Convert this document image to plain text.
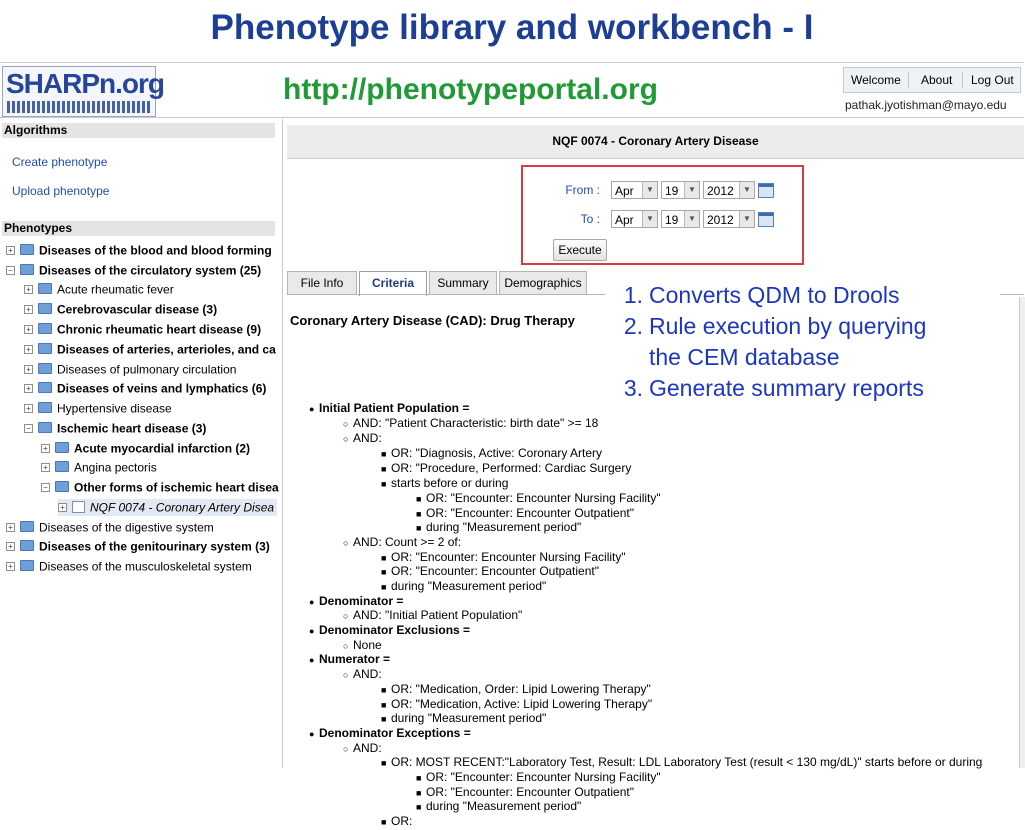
Phenotype library and workbench - I
SHARPn.org	http://phenotypeportal.org	Welcome About Log Out
pathak.jyotishman@mayo.edu
Algorithms
Create phenotype
Upload phenotype
Phenotypes
+ Diseases of the blood and blood forming
− Diseases of the circulatory system (25)
+ Acute rheumatic fever
+ Cerebrovascular disease (3)
+ Chronic rheumatic heart disease (9)
+ Diseases of arteries, arterioles, and ca
+ Diseases of pulmonary circulation
+ Diseases of veins and lymphatics (6)
+ Hypertensive disease
− Ischemic heart disease (3)
+ Acute myocardial infarction (2)
+ Angina pectoris
− Other forms of ischemic heart disea
+ NQF 0074 - Coronary Artery Disea
+ Diseases of the digestive system
+ Diseases of the genitourinary system (3)
+ Diseases of the musculoskeletal system
NQF 0074 - Coronary Artery Disease
From :	Apr	▼ 19	▼ 2012	▼
To :	Apr	▼ 19	▼ 2012	▼
Execute
File Info	Criteria	Summary	Demographics
Coronary Artery Disease (CAD): Drug Therapy
● Initial Patient Population =
○ AND: "Patient Characteristic: birth date" >= 18
○ AND:
■ OR: "Diagnosis, Active: Coronary Artery
■ OR: "Procedure, Performed: Cardiac Surgery
■ starts before or during
■ OR: "Encounter: Encounter Nursing Facility"
■ OR: "Encounter: Encounter Outpatient"
■ during "Measurement period"
○ AND: Count >= 2 of:
■ OR: "Encounter: Encounter Nursing Facility"
■ OR: "Encounter: Encounter Outpatient"
■ during "Measurement period"
● Denominator =
○ AND: "Initial Patient Population"
● Denominator Exclusions =
○ None
● Numerator =
○ AND:
■ OR: "Medication, Order: Lipid Lowering Therapy"
■ OR: "Medication, Active: Lipid Lowering Therapy"
■ during "Measurement period"
● Denominator Exceptions =
○ AND:
■ OR: MOST RECENT:"Laboratory Test, Result: LDL Laboratory Test (result < 130 mg/dL)" starts before or during
■ OR: "Encounter: Encounter Nursing Facility"
■ OR: "Encounter: Encounter Outpatient"
■ during "Measurement period"
■ OR:
1. Converts QDM to Drools
2. Rule execution by querying
the CEM database
3. Generate summary reports
